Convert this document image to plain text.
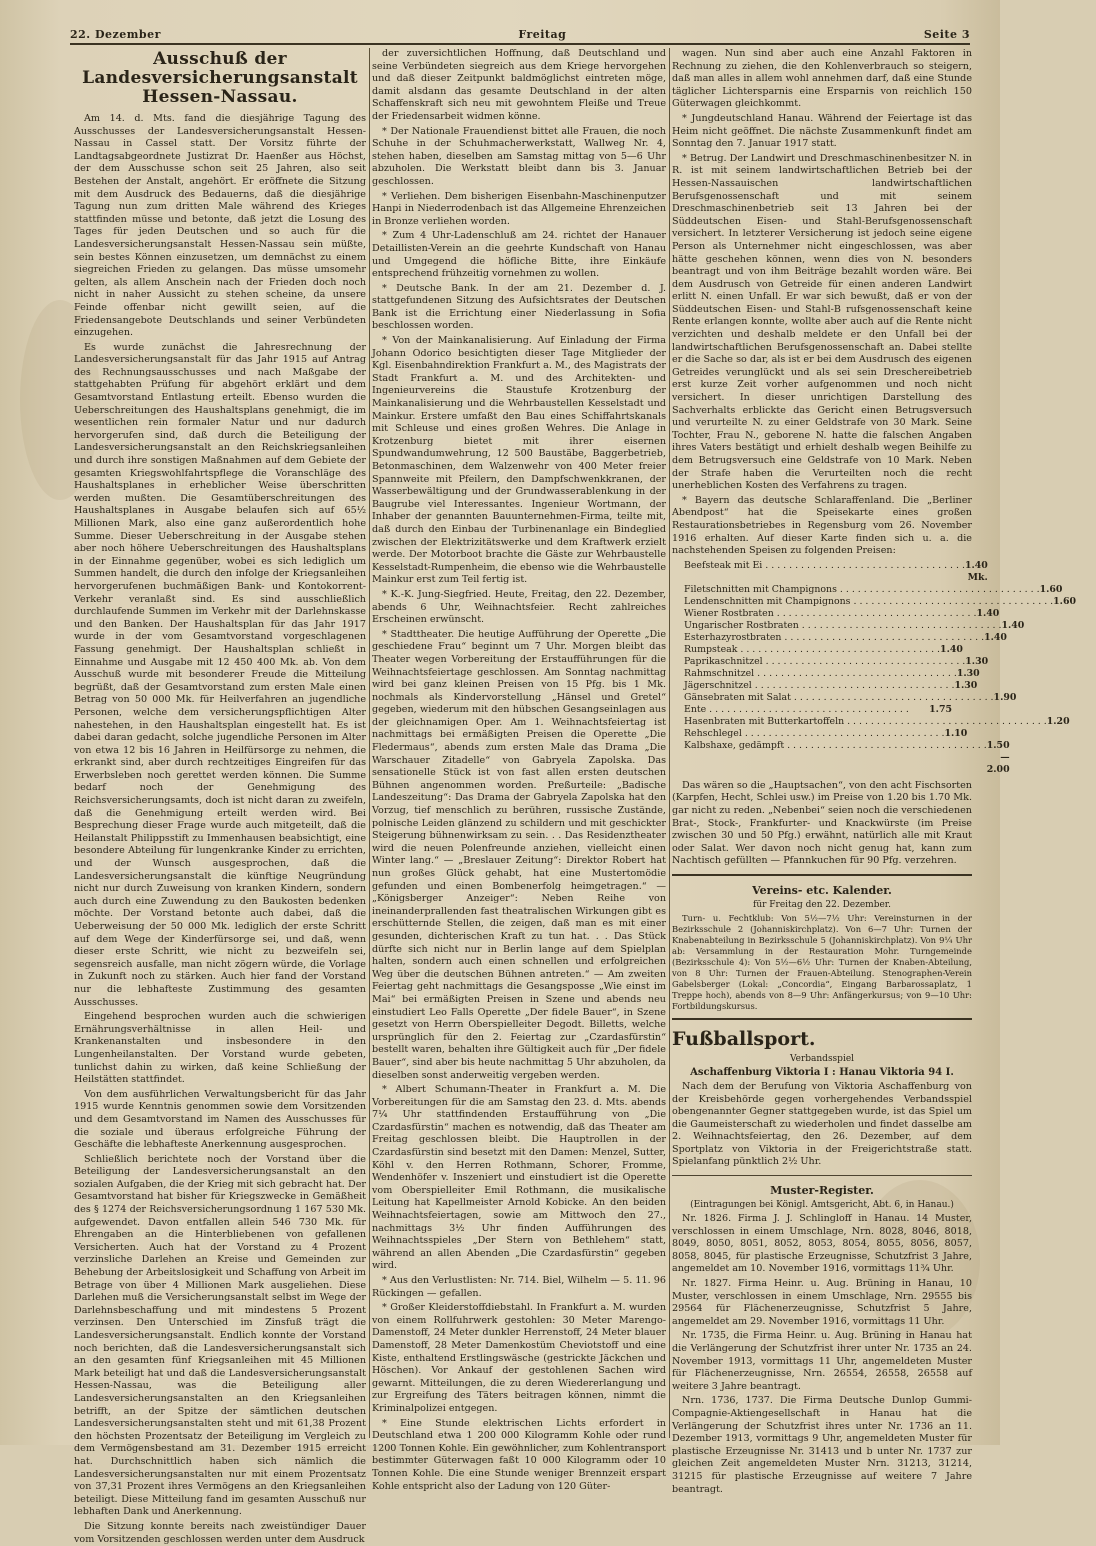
22. Dezember	Freitag	Seite 3
Ausschuß der Landesversicherungsanstalt Hessen-Nassau.

Am 14. d. Mts. fand die diesjährige Tagung des Ausschusses der Landesversicherungsanstalt Hessen-Nassau in Cassel statt. Der Vorsitz führte der Landtagsabgeordnete Justizrat Dr. Haenßer aus Höchst, der dem Ausschusse schon seit 25 Jahren, also seit Bestehen der Anstalt, angehört. Er eröffnete die Sitzung mit dem Ausdruck des Bedauerns, daß die diesjährige Tagung nun zum dritten Male während des Krieges stattfinden müsse und betonte, daß jetzt die Losung des Tages für jeden Deutschen und so auch für die Landesversicherungsanstalt Hessen-Nassau sein müßte, sein bestes Können einzusetzen, um demnächst zu einem siegreichen Frieden zu gelangen. Das müsse umsomehr gelten, als allem Anschein nach der Frieden doch noch nicht in naher Aussicht zu stehen scheine, da unsere Feinde offenbar nicht gewillt seien, auf die Friedensangebote Deutschlands und seiner Verbündeten einzugehen.

Es wurde zunächst die Jahresrechnung der Landesversicherungsanstalt für das Jahr 1915 auf Antrag des Rechnungsausschusses und nach Maßgabe der stattgehabten Prüfung für abgehört erklärt und dem Gesamtvorstand Entlastung erteilt. Ebenso wurden die Ueberschreitungen des Haushaltsplans genehmigt, die im wesentlichen rein formaler Natur und nur dadurch hervorgerufen sind, daß durch die Beteiligung der Landesversicherungsanstalt an den Reichskriegsanleihen und durch ihre sonstigen Maßnahmen auf dem Gebiete der gesamten Kriegswohlfahrtspflege die Voranschläge des Haushaltsplanes in erheblicher Weise überschritten werden mußten. Die Gesamtüberschreitungen des Haushaltsplanes in Ausgabe belaufen sich auf 65½ Millionen Mark, also eine ganz außerordentlich hohe Summe. Dieser Ueberschreitung in der Ausgabe stehen aber noch höhere Ueberschreitungen des Haushaltsplans in der Einnahme gegenüber, wobei es sich lediglich um Summen handelt, die durch den infolge der Kriegsanleihen hervorgerufenen buchmäßigen Bank- und Kontokorrent-Verkehr veranlaßt sind. Es sind ausschließlich durchlaufende Summen im Verkehr mit der Darlehnskasse und den Banken. Der Haushaltsplan für das Jahr 1917 wurde in der vom Gesamtvorstand vorgeschlagenen Fassung genehmigt. Der Haushaltsplan schließt in Einnahme und Ausgabe mit 12 450 400 Mk. ab. Von dem Ausschuß wurde mit besonderer Freude die Mitteilung begrüßt, daß der Gesamtvorstand zum ersten Male einen Betrag von 50 000 Mk. für Heilverfahren an jugendliche Personen, welche dem versicherungspflichtigen Alter nahestehen, in den Haushaltsplan eingestellt hat. Es ist dabei daran gedacht, solche jugendliche Personen im Alter von etwa 12 bis 16 Jahren in Heilfürsorge zu nehmen, die erkrankt sind, aber durch rechtzeitiges Eingreifen für das Erwerbsleben noch gerettet werden können. Die Summe bedarf noch der Genehmigung des Reichsversicherungsamts, doch ist nicht daran zu zweifeln, daß die Genehmigung erteilt werden wird. Bei Besprechung dieser Frage wurde auch mitgeteilt, daß die Heilanstalt Philippsstift zu Immenhausen beabsichtigt, eine besondere Abteilung für lungenkranke Kinder zu errichten, und der Wunsch ausgesprochen, daß die Landesversicherungsanstalt die künftige Neugründung nicht nur durch Zuweisung von kranken Kindern, sondern auch durch eine Zuwendung zu den Baukosten bedenken möchte. Der Vorstand betonte auch dabei, daß die Ueberweisung der 50 000 Mk. lediglich der erste Schritt auf dem Wege der Kinderfürsorge sei, und daß, wenn dieser erste Schritt, wie nicht zu bezweifeln sei, segensreich ausfalle, man nicht zögern würde, die Vorlage in Zukunft noch zu stärken. Auch hier fand der Vorstand nur die lebhafteste Zustimmung des gesamten Ausschusses.

Eingehend besprochen wurden auch die schwierigen Ernährungsverhältnisse in allen Heil- und Krankenanstalten und insbesondere in den Lungenheilanstalten. Der Vorstand wurde gebeten, tunlichst dahin zu wirken, daß keine Schließung der Heilstätten stattfindet.

Von dem ausführlichen Verwaltungsbericht für das Jahr 1915 wurde Kenntnis genommen sowie dem Vorsitzenden und dem Gesamtvorstand im Namen des Ausschusses für die soziale und überaus erfolgreiche Führung der Geschäfte die lebhafteste Anerkennung ausgesprochen.

Schließlich berichtete noch der Vorstand über die Beteiligung der Landesversicherungsanstalt an den sozialen Aufgaben, die der Krieg mit sich gebracht hat. Der Gesamtvorstand hat bisher für Kriegszwecke in Gemäßheit des § 1274 der Reichsversicherungsordnung 1 167 530 Mk. aufgewendet. Davon entfallen allein 546 730 Mk. für Ehrengaben an die Hinterbliebenen von gefallenen Versicherten. Auch hat der Vorstand zu 4 Prozent verzinsliche Darlehen an Kreise und Gemeinden zur Behebung der Arbeitslosigkeit und Schaffung von Arbeit im Betrage von über 4 Millionen Mark ausgeliehen. Diese Darlehen muß die Versicherungsanstalt selbst im Wege der Darlehnsbeschaffung und mit mindestens 5 Prozent verzinsen. Den Unterschied im Zinsfuß trägt die Landesversicherungsanstalt. Endlich konnte der Vorstand noch berichten, daß die Landesversicherungsanstalt sich an den gesamten fünf Kriegsanleihen mit 45 Millionen Mark beteiligt hat und daß die Landesversicherungsanstalt Hessen-Nassau, was die Beteiligung aller Landesversicherungsanstalten an den Kriegsanleihen betrifft, an der Spitze der sämtlichen deutschen Landesversicherungsanstalten steht und mit 61,38 Prozent den höchsten Prozentsatz der Beteiligung im Vergleich zu dem Vermögensbestand am 31. Dezember 1915 erreicht hat. Durchschnittlich haben sich nämlich die Landesversicherungsanstalten nur mit einem Prozentsatz von 37,31 Prozent ihres Vermögens an den Kriegsanleihen beteiligt. Diese Mitteilung fand im gesamten Ausschuß nur lebhaften Dank und Anerkennung.

Die Sitzung konnte bereits nach zweistündiger Dauer vom Vorsitzenden geschlossen werden unter dem Ausdruck

der zuversichtlichen Hoffnung, daß Deutschland und seine Verbündeten siegreich aus dem Kriege hervorgehen und daß dieser Zeitpunkt baldmöglichst eintreten möge, damit alsdann das gesamte Deutschland in der alten Schaffenskraft sich neu mit gewohntem Fleiße und Treue der Friedensarbeit widmen könne.

* Der Nationale Frauendienst bittet alle Frauen, die noch Schuhe in der Schuhmacherwerkstatt, Wallweg Nr. 4, stehen haben, dieselben am Samstag mittag von 5—6 Uhr abzuholen. Die Werkstatt bleibt dann bis 3. Januar geschlossen.

* Verliehen. Dem bisherigen Eisenbahn-Maschinenputzer Hanpi in Niederrodenbach ist das Allgemeine Ehrenzeichen in Bronze verliehen worden.

* Zum 4 Uhr-Ladenschluß am 24. richtet der Hanauer Detaillisten-Verein an die geehrte Kundschaft von Hanau und Umgegend die höfliche Bitte, ihre Einkäufe entsprechend frühzeitig vornehmen zu wollen.

* Deutsche Bank. In der am 21. Dezember d. J. stattgefundenen Sitzung des Aufsichtsrates der Deutschen Bank ist die Errichtung einer Niederlassung in Sofia beschlossen worden.

* Von der Mainkanalisierung. Auf Einladung der Firma Johann Odorico besichtigten dieser Tage Mitglieder der Kgl. Eisenbahndirektion Frankfurt a. M., des Magistrats der Stadt Frankfurt a. M. und des Architekten- und Ingenieurvereins die Staustufe Krotzenburg der Mainkanalisierung und die Wehrbaustellen Kesselstadt und Mainkur. Erstere umfaßt den Bau eines Schiffahrtskanals mit Schleuse und eines großen Wehres. Die Anlage in Krotzenburg bietet mit ihrer eisernen Spundwandumwehrung, 12 500 Baustäbe, Baggerbetrieb, Betonmaschinen, dem Walzenwehr von 400 Meter freier Spannweite mit Pfeilern, den Dampfschwenkkranen, der Wasserbewältigung und der Grundwasserablenkung in der Baugrube viel Interessantes. Ingenieur Wortmann, der Inhaber der genannten Bauunternehmen-Firma, teilte mit, daß durch den Einbau der Turbinenanlage ein Bindeglied zwischen der Elektrizitätswerke und dem Kraftwerk erzielt werde. Der Motorboot brachte die Gäste zur Wehrbaustelle Kesselstadt-Rumpenheim, die ebenso wie die Wehrbaustelle Mainkur erst zum Teil fertig ist.

* K.-K. Jung-Siegfried. Heute, Freitag, den 22. Dezember, abends 6 Uhr, Weihnachtsfeier. Recht zahlreiches Erscheinen erwünscht.

* Stadttheater. Die heutige Aufführung der Operette „Die geschiedene Frau“ beginnt um 7 Uhr. Morgen bleibt das Theater wegen Vorbereitung der Erstaufführungen für die Weihnachtsfeiertage geschlossen. Am Sonntag nachmittag wird bei ganz kleinen Preisen von 15 Pfg. bis 1 Mk. nochmals als Kindervorstellung „Hänsel und Gretel“ gegeben, wiederum mit den hübschen Gesangseinlagen aus der gleichnamigen Oper. Am 1. Weihnachtsfeiertag ist nachmittags bei ermäßigten Preisen die Operette „Die Fledermaus“, abends zum ersten Male das Drama „Die Warschauer Zitadelle“ von Gabryela Zapolska. Das sensationelle Stück ist von fast allen ersten deutschen Bühnen angenommen worden. Preßurteile: „Badische Landeszeitung“: Das Drama der Gabryela Zapolska hat den Vorzug, tief menschlich zu berühren, russische Zustände, polnische Leiden glänzend zu schildern und mit geschickter Steigerung bühnenwirksam zu sein. . . Das Residenztheater wird die neuen Polenfreunde anziehen, vielleicht einen Winter lang.“ — „Breslauer Zeitung“: Direktor Robert hat nun großes Glück gehabt, hat eine Mustertomödie gefunden und einen Bombenerfolg heimgetragen.“ — „Königsberger Anzeiger“: Neben Reihe von ineinanderprallenden fast theatralischen Wirkungen gibt es erschütternde Stellen, die zeigen, daß man es mit einer gesunden, dichterischen Kraft zu tun hat. . . Das Stück dürfte sich nicht nur in Berlin lange auf dem Spielplan halten, sondern auch einen schnellen und erfolgreichen Weg über die deutschen Bühnen antreten.“ — Am zweiten Feiertag geht nachmittags die Gesangsposse „Wie einst im Mai“ bei ermäßigten Preisen in Szene und abends neu einstudiert Leo Falls Operette „Der fidele Bauer“, in Szene gesetzt von Herrn Oberspielleiter Degodt. Billetts, welche ursprünglich für den 2. Feiertag zur „Czardasfürstin“ bestellt waren, behalten ihre Gültigkeit auch für „Der fidele Bauer“, sind aber bis heute nachmittag 5 Uhr abzuholen, da dieselben sonst anderweitig vergeben werden.

* Albert Schumann-Theater in Frankfurt a. M. Die Vorbereitungen für die am Samstag den 23. d. Mts. abends 7¼ Uhr stattfindenden Erstaufführung von „Die Czardasfürstin“ machen es notwendig, daß das Theater am Freitag geschlossen bleibt. Die Hauptrollen in der Czardasfürstin sind besetzt mit den Damen: Menzel, Sutter, Köhl v. den Herren Rothmann, Schorer, Fromme, Wendenhöfer v. Inszeniert und einstudiert ist die Operette vom Oberspielleiter Emil Rothmann, die musikalische Leitung hat Kapellmeister Arnold Kobicke. An den beiden Weihnachtsfeiertagen, sowie am Mittwoch den 27., nachmittags 3½ Uhr finden Aufführungen des Weihnachtsspieles „Der Stern von Bethlehem“ statt, während an allen Abenden „Die Czardasfürstin“ gegeben wird.

* Aus den Verlustlisten: Nr. 714. Biel, Wilhelm — 5. 11. 96 Rückingen — gefallen.

* Großer Kleiderstoffdiebstahl. In Frankfurt a. M. wurden von einem Rollfuhrwerk gestohlen: 30 Meter Marengo-Damenstoff, 24 Meter dunkler Herrenstoff, 24 Meter blauer Damenstoff, 28 Meter Damenkostüm Cheviotstoff und eine Kiste, enthaltend Erstlingswäsche (gestrickte Jäckchen und Höschen). Vor Ankauf der gestohlenen Sachen wird gewarnt. Mitteilungen, die zu deren Wiedererlangung und zur Ergreifung des Täters beitragen können, nimmt die Kriminalpolizei entgegen.

* Eine Stunde elektrischen Lichts erfordert in Deutschland etwa 1 200 000 Kilogramm Kohle oder rund 1200 Tonnen Kohle. Ein gewöhnlicher, zum Kohlentransport bestimmter Güterwagen faßt 10 000 Kilogramm oder 10 Tonnen Kohle. Die eine Stunde weniger Brennzeit erspart Kohle entspricht also der Ladung von 120 Güter-

wagen. Nun sind aber auch eine Anzahl Faktoren in Rechnung zu ziehen, die den Kohlenverbrauch so steigern, daß man alles in allem wohl annehmen darf, daß eine Stunde täglicher Lichtersparnis eine Ersparnis von reichlich 150 Güterwagen gleichkommt.

* Jungdeutschland Hanau. Während der Feiertage ist das Heim nicht geöffnet. Die nächste Zusammenkunft findet am Sonntag den 7. Januar 1917 statt.

* Betrug. Der Landwirt und Dreschmaschinenbesitzer N. in R. ist mit seinem landwirtschaftlichen Betrieb bei der Hessen-Nassauischen landwirtschaftlichen Berufsgenossenschaft und mit seinem Dreschmaschinenbetrieb seit 13 Jahren bei der Süddeutschen Eisen- und Stahl-Berufsgenossenschaft versichert. In letzterer Versicherung ist jedoch seine eigene Person als Unternehmer nicht eingeschlossen, was aber hätte geschehen können, wenn dies von N. besonders beantragt und von ihm Beiträge bezahlt worden wäre. Bei dem Ausdrusch von Getreide für einen anderen Landwirt erlitt N. einen Unfall. Er war sich bewußt, daß er von der Süddeutschen Eisen- und Stahl-B rufsgenossenschaft keine Rente erlangen konnte, wollte aber auch auf die Rente nicht verzichten und deshalb meldete er den Unfall bei der landwirtschaftlichen Berufsgenossenschaft an. Dabei stellte er die Sache so dar, als ist er bei dem Ausdrusch des eigenen Getreides verunglückt und als sei sein Dreschereibetrieb erst kurze Zeit vorher aufgenommen und noch nicht versichert. In dieser unrichtigen Darstellung des Sachverhalts erblickte das Gericht einen Betrugsversuch und verurteilte N. zu einer Geldstrafe von 30 Mark. Seine Tochter, Frau N., geborene N. hatte die falschen Angaben ihres Vaters bestätigt und erhielt deshalb wegen Beihilfe zu dem Betrugsversuch eine Geldstrafe von 10 Mark. Neben der Strafe haben die Verurteilten noch die recht unerheblichen Kosten des Verfahrens zu tragen.

* Bayern das deutsche Schlaraffenland. Die „Berliner Abendpost“ hat die Speisekarte eines großen Restaurationsbetriebes in Regensburg vom 26. November 1916 erhalten. Auf dieser Karte finden sich u. a. die nachstehenden Speisen zu folgenden Preisen:

Beefsteak mit Ei . . .	1.40 Mk.
Filetschnitten mit Champignons . . .	1.60
Lendenschnitten mit Champignons . . .	1.60
Wiener Rostbraten . . .	1.40
Ungarischer Rostbraten . . .	1.40
Esterhazyrostbraten . . .	1.40
Rumpsteak . . .	1.40
Paprikaschnitzel . . .	1.30
Rahmschnitzel . . .	1.30
Jägerschnitzel . . .	1.30
Gänsebraten mit Salat . . .	1.90
Ente . . .	1.75
Hasenbraten mit Butterkartoffeln . . .	1.20
Rehschlegel . . .	1.10
Kalbshaxe, gedämpft . . .	1.50—2.00

Das wären so die „Hauptsachen“, von den acht Fischsorten (Karpfen, Hecht, Schlei usw.) im Preise von 1.20 bis 1.70 Mk. gar nicht zu reden. „Nebenbei“ seien noch die verschiedenen Brat-, Stock-, Frankfurter- und Knackwürste (im Preise zwischen 30 und 50 Pfg.) erwähnt, natürlich alle mit Kraut oder Salat. Wer davon noch nicht genug hat, kann zum Nachtisch gefüllten — Pfannkuchen für 90 Pfg. verzehren.

Vereins- etc. Kalender.
für Freitag den 22. Dezember.

Turn- u. Fechtklub: Von 5½—7½ Uhr: Vereinsturnen in der Bezirksschule 2 (Johanniskirchplatz). Von 6—7 Uhr: Turnen der Knabenabteilung in Bezirksschule 5 (Johanniskirchplatz). Von 9¼ Uhr ab: Versammlung in der Restauration Mohr. Turngemeinde (Bezirksschule 4): Von 5½—6½ Uhr: Turnen der Knaben-Abteilung, von 8 Uhr: Turnen der Frauen-Abteilung. Stenographen-Verein Gabelsberger (Lokal: „Concordia“, Eingang Barbarossaplatz, 1 Treppe hoch), abends von 8—9 Uhr: Anfängerkursus; von 9—10 Uhr: Fortbildungskursus.

Fußballsport.
Verbandsspiel
Aschaffenburg Viktoria I : Hanau Viktoria 94 I.

Nach dem der Berufung von Viktoria Aschaffenburg von der Kreisbehörde gegen vorhergehendes Verbandsspiel obengenannter Gegner stattgegeben wurde, ist das Spiel um die Gaumeisterschaft zu wiederholen und findet dasselbe am 2. Weihnachtsfeiertag, den 26. Dezember, auf dem Sportplatz von Viktoria in der Freigerichtstraße statt. Spielanfang pünktlich 2½ Uhr.

Muster-Register.
(Eintragungen bei Königl. Amtsgericht, Abt. 6, in Hanau.)

Nr. 1826. Firma J. J. Schlingloff in Hanau. 14 Muster, verschlossen in einem Umschlage, Nrn. 8028, 8046, 8018, 8049, 8050, 8051, 8052, 8053, 8054, 8055, 8056, 8057, 8058, 8045, für plastische Erzeugnisse, Schutzfrist 3 Jahre, angemeldet am 10. November 1916, vormittags 11¾ Uhr.

Nr. 1827. Firma Heinr. u. Aug. Brüning in Hanau, 10 Muster, verschlossen in einem Umschlage, Nrn. 29555 bis 29564 für Flächenerzeugnisse, Schutzfrist 5 Jahre, angemeldet am 29. November 1916, vormittags 11 Uhr.

Nr. 1735, die Firma Heinr. u. Aug. Brüning in Hanau hat die Verlängerung der Schutzfrist ihrer unter Nr. 1735 an 24. November 1913, vormittags 11 Uhr, angemeldeten Muster für Flächenerzeugnisse, Nrn. 26554, 26558, 26558 auf weitere 3 Jahre beantragt.

Nrn. 1736, 1737. Die Firma Deutsche Dunlop Gummi-Compagnie-Aktiengesellschaft in Hanau hat die Verlängerung der Schutzfrist ihres unter Nr. 1736 an 11. Dezember 1913, vormittags 9 Uhr, angemeldeten Muster für plastische Erzeugnisse Nr. 31413 und b unter Nr. 1737 zur gleichen Zeit angemeldeten Muster Nrn. 31213, 31214, 31215 für plastische Erzeugnisse auf weitere 7 Jahre beantragt.
